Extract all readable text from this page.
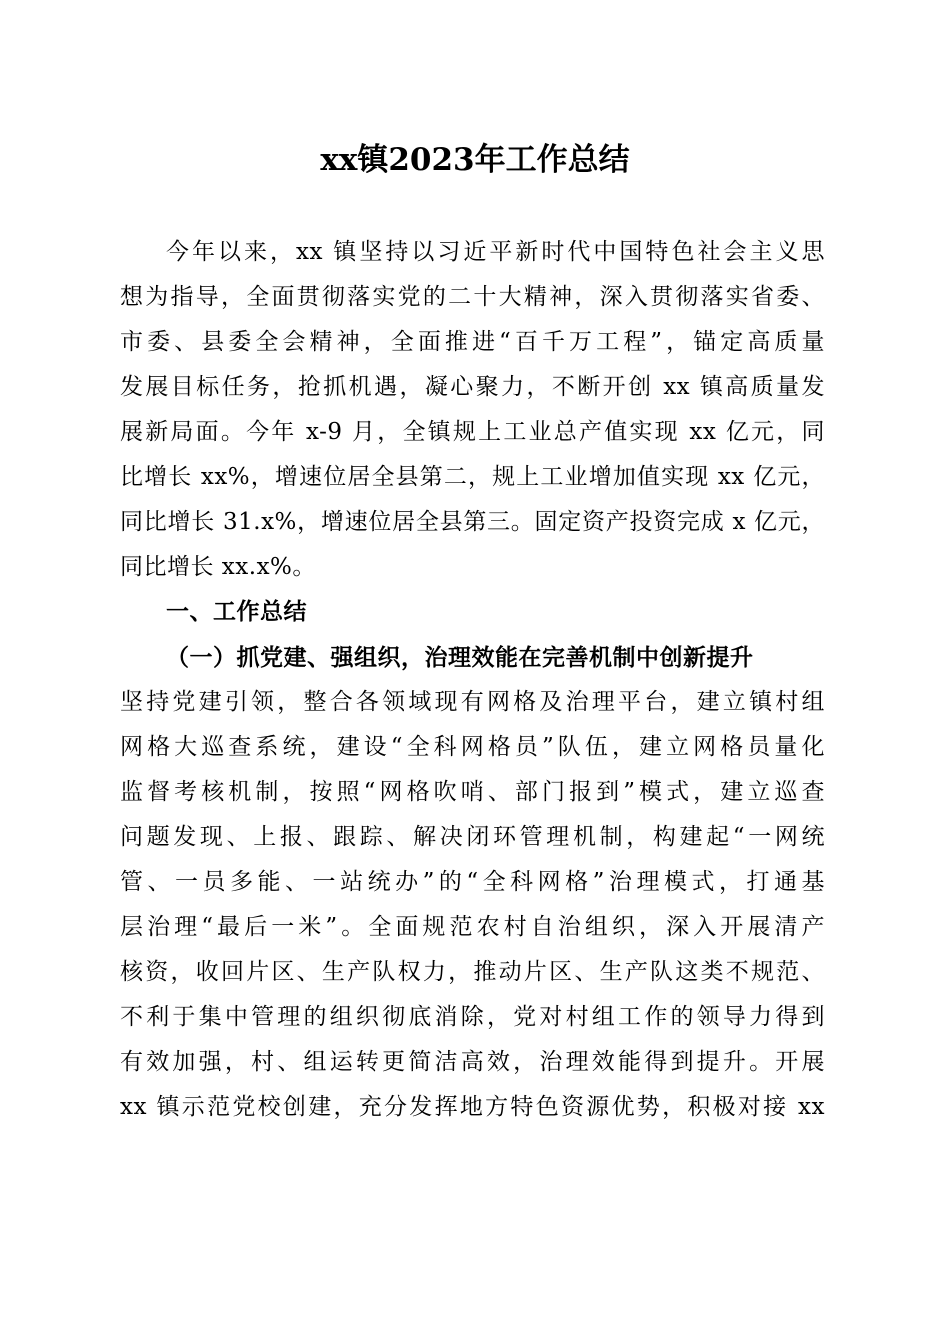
xx镇2023年工作总结
今年以来，xx 镇坚持以习近平新时代中国特色社会主义思
想为指导，全面贯彻落实党的二十大精神，深入贯彻落实省委、
市委、县委全会精神，全面推进“百千万工程”，锚定高质量
发展目标任务，抢抓机遇，凝心聚力，不断开创 xx 镇高质量发
展新局面。今年 x-9 月，全镇规上工业总产值实现 xx 亿元，同
比增长 xx%，增速位居全县第二，规上工业增加值实现 xx 亿元，
同比增长 31.x%，增速位居全县第三。固定资产投资完成 x 亿元，
同比增长 xx.x%。
一、工作总结
（一）抓党建、强组织，治理效能在完善机制中创新提升
坚持党建引领，整合各领域现有网格及治理平台，建立镇村组
网格大巡查系统，建设“全科网格员”队伍，建立网格员量化
监督考核机制，按照“网格吹哨、部门报到”模式，建立巡查
问题发现、上报、跟踪、解决闭环管理机制，构建起“一网统
管、一员多能、一站统办”的“全科网格”治理模式，打通基
层治理“最后一米”。全面规范农村自治组织，深入开展清产
核资，收回片区、生产队权力，推动片区、生产队这类不规范、
不利于集中管理的组织彻底消除，党对村组工作的领导力得到
有效加强，村、组运转更简洁高效，治理效能得到提升。开展
xx 镇示范党校创建，充分发挥地方特色资源优势，积极对接 xx
